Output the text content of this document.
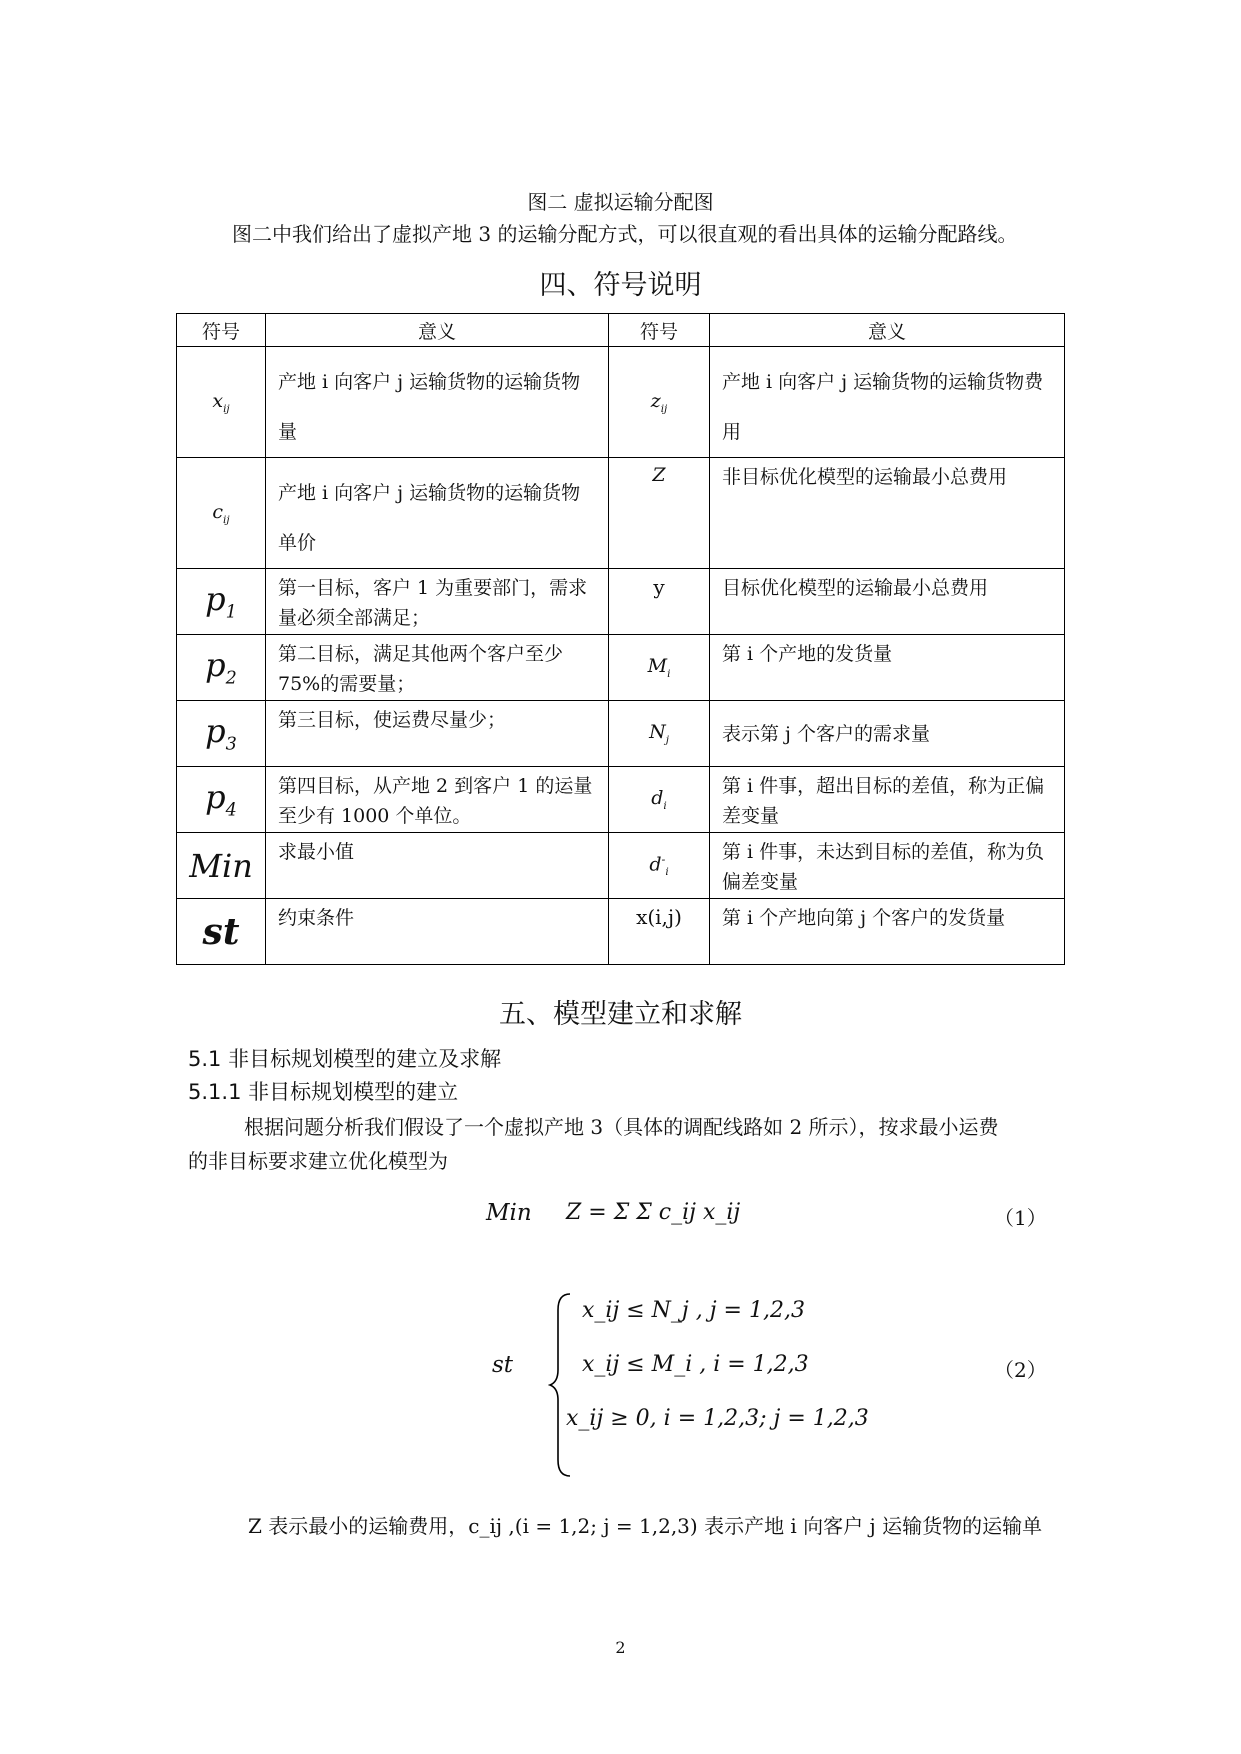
图二 虚拟运输分配图
图二中我们给出了虚拟产地 3 的运输分配方式，可以很直观的看出具体的运输分配路线。
四、符号说明
符号	意义	符号	意义
$x_{ij}$	产地 i 向客户 j 运输货物的运输货物量	$z_{ij}$	产地 i 向客户 j 运输货物的运输货物费用
$c_{ij}$	产地 i 向客户 j 运输货物的运输货物单价	Z	非目标优化模型的运输最小总费用
$p_1$	第一目标，客户 1 为重要部门，需求量必须全部满足；	y	目标优化模型的运输最小总费用
$p_2$	第二目标，满足其他两个客户至少 75%的需要量；	$M_i$	第 i 个产地的发货量
$p_3$	第三目标，使运费尽量少；	$N_j$	表示第 j 个客户的需求量
$p_4$	第四目标，从产地 2 到客户 1 的运量至少有 1000 个单位。	$d_i$	第 i 件事，超出目标的差值，称为正偏差变量
Min	求最小值	$d^-_i$	第 i 件事，未达到目标的差值，称为负偏差变量
st	约束条件	x(i,j)	第 i 个产地向第 j 个客户的发货量
五、模型建立和求解
5.1 非目标规划模型的建立及求解
5.1.1 非目标规划模型的建立
根据问题分析我们假设了一个虚拟产地 3（具体的调配线路如 2 所示），按求最小运费
的非目标要求建立优化模型为
Min Z = Σ Σ c_ij x_ij	（1）
st
x_ij ≤ N_j , j = 1,2,3
x_ij ≤ M_i , i = 1,2,3
x_ij ≥ 0, i = 1,2,3; j = 1,2,3
（2）
Z 表示最小的运输费用，c_ij ,(i = 1,2; j = 1,2,3) 表示产地 i 向客户 j 运输货物的运输单
2
